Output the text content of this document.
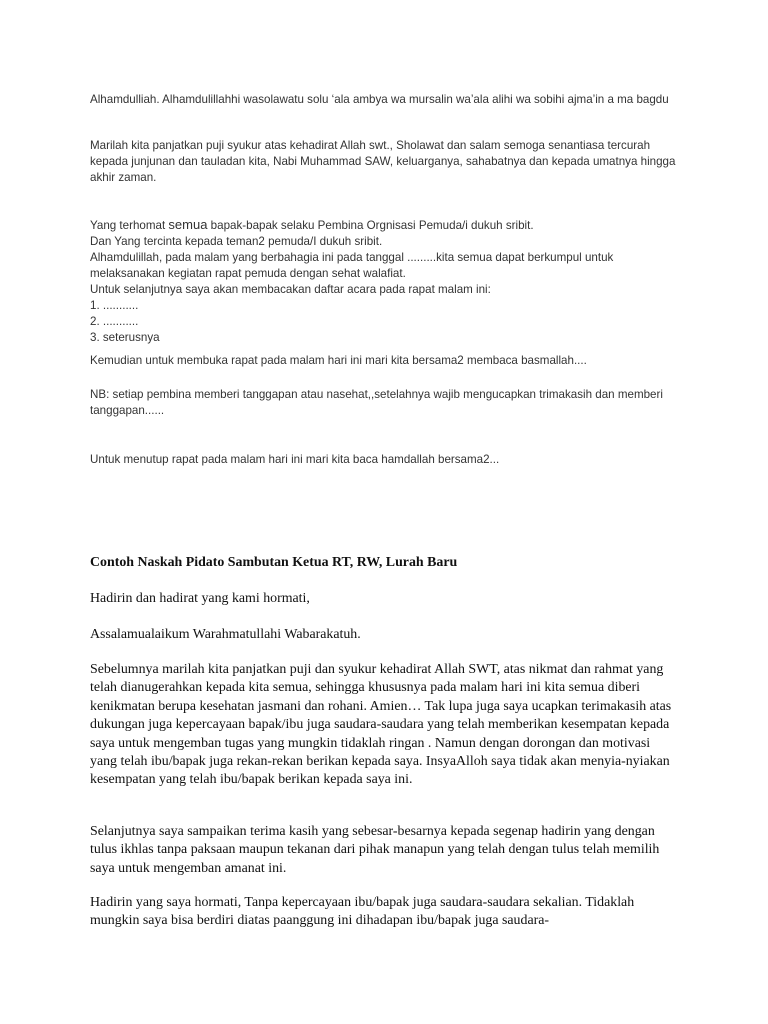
Alhamdulliah. Alhamdulillahhi wasolawatu solu ‘ala ambya wa mursalin wa’ala alihi wa sobihi ajma’in a ma bagdu

Marilah kita panjatkan puji syukur atas kehadirat Allah swt., Sholawat dan salam semoga senantiasa tercurah kepada junjunan dan tauladan kita, Nabi Muhammad SAW, keluarganya, sahabatnya dan kepada umatnya hingga akhir zaman.

Yang terhomat semua bapak-bapak selaku Pembina Orgnisasi Pemuda/i dukuh sribit.

Dan Yang tercinta kepada teman2 pemuda/I dukuh sribit.

Alhamdulillah, pada malam yang berbahagia ini pada tanggal .........kita semua dapat berkumpul untuk melaksanakan kegiatan rapat pemuda dengan sehat walafiat.

Untuk selanjutnya saya akan membacakan daftar acara pada rapat malam ini:

1. ...........

2. ...........

3. seterusnya

Kemudian untuk membuka rapat pada malam hari ini mari kita bersama2 membaca basmallah....

NB: setiap pembina memberi tanggapan atau nasehat,,setelahnya wajib mengucapkan trimakasih dan memberi tanggapan......

Untuk menutup rapat pada malam hari ini mari kita baca hamdallah bersama2...

Contoh Naskah Pidato Sambutan Ketua RT, RW, Lurah Baru

Hadirin dan hadirat yang kami hormati,

Assalamualaikum Warahmatullahi Wabarakatuh.

Sebelumnya marilah kita panjatkan puji dan syukur kehadirat Allah SWT, atas nikmat dan rahmat yang telah dianugerahkan kepada kita semua, sehingga khususnya pada malam hari ini kita semua diberi kenikmatan berupa kesehatan jasmani dan rohani. Amien… Tak lupa juga saya ucapkan terimakasih atas dukungan juga kepercayaan bapak/ibu juga saudara-saudara yang telah memberikan kesempatan kepada saya untuk mengemban tugas yang mungkin tidaklah ringan . Namun dengan dorongan dan motivasi yang telah ibu/bapak juga rekan-rekan berikan kepada saya. InsyaAlloh saya tidak akan menyia-nyiakan kesempatan yang telah ibu/bapak berikan kepada saya ini.

Selanjutnya saya sampaikan terima kasih yang sebesar-besarnya kepada segenap hadirin yang dengan tulus ikhlas tanpa paksaan maupun tekanan dari pihak manapun yang telah dengan tulus telah memilih saya untuk mengemban amanat ini.

Hadirin yang saya hormati, Tanpa kepercayaan ibu/bapak juga saudara-saudara sekalian. Tidaklah mungkin saya bisa berdiri diatas paanggung ini dihadapan ibu/bapak juga saudara-
